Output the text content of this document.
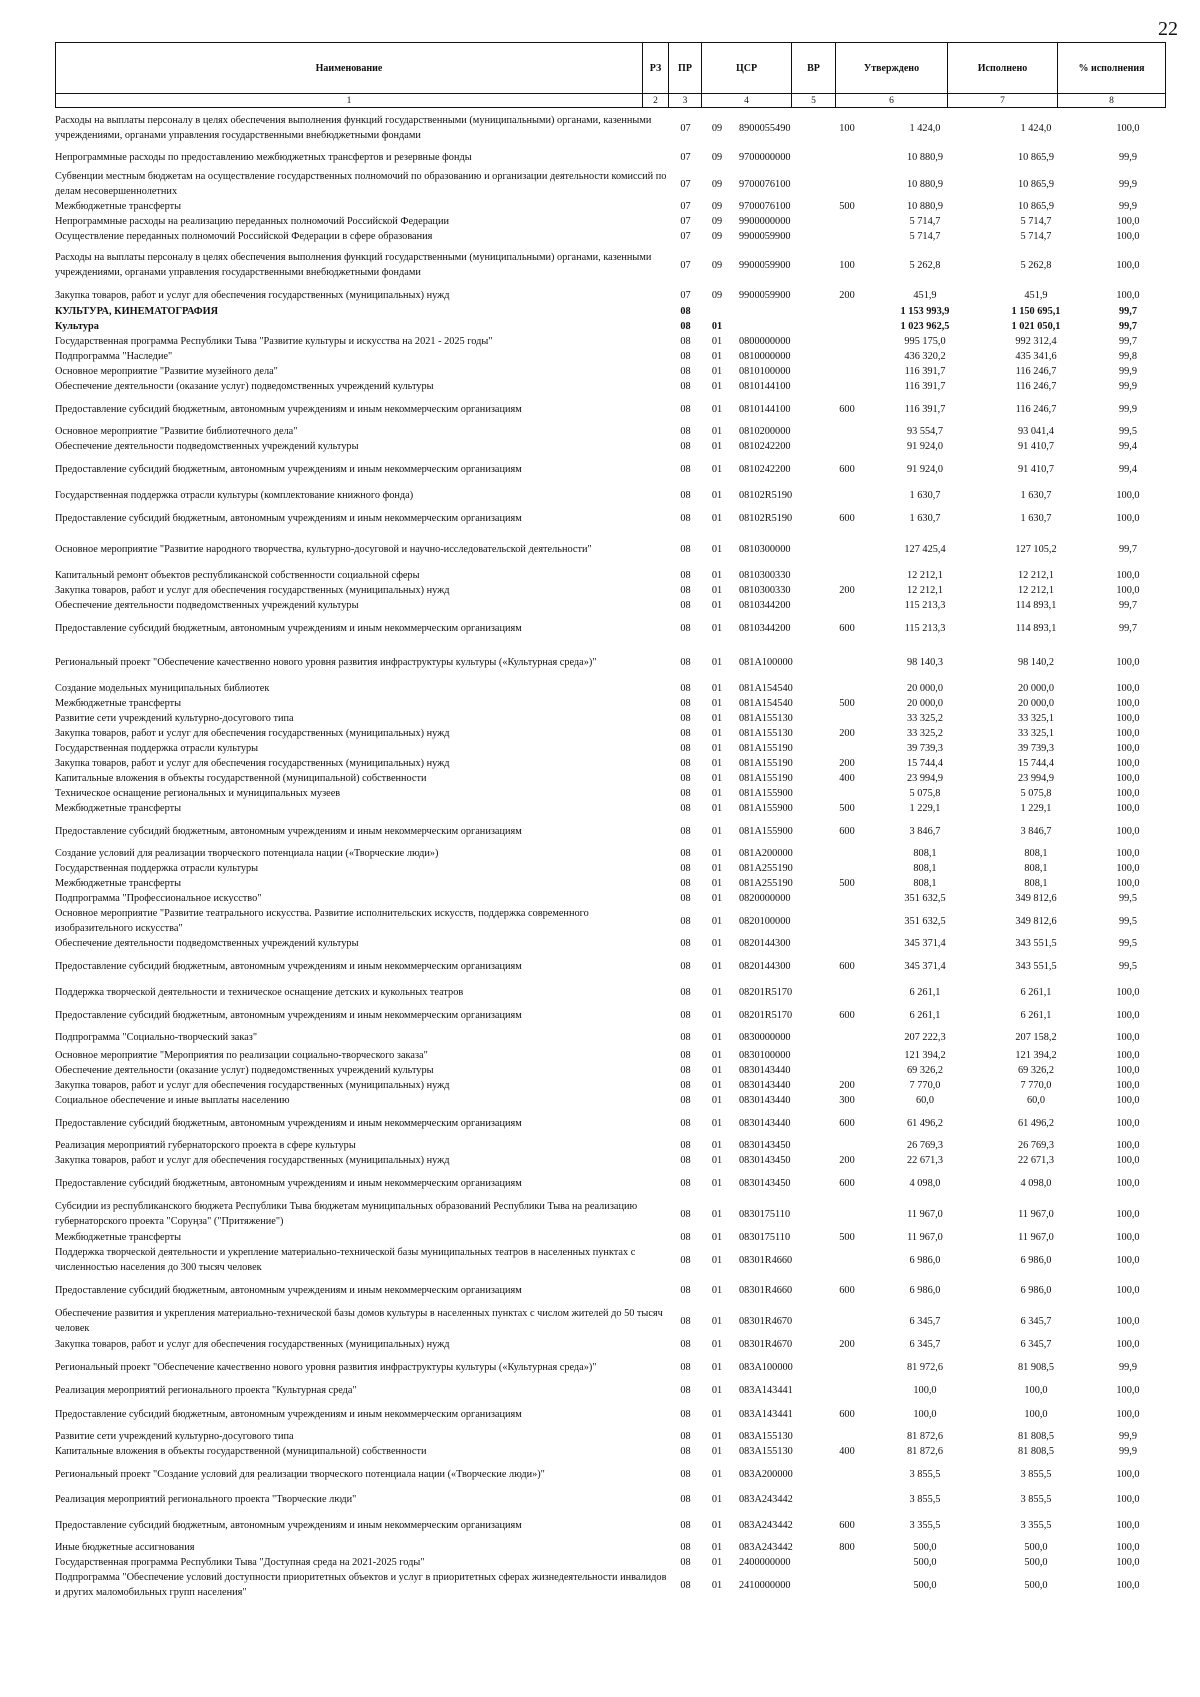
22
Наименование	РЗ	ПР	ЦСР	ВР	Утверждено	Исполнено	% исполнения
1	2	3	4	5	6	7	8
Расходы на выплаты персоналу в целях обеспечения выполнения функций государственными (муниципальными) органами, казенными учреждениями, органами управления государственными внебюджетными фондами	07	09	8900055490	100	1 424,0	1 424,0	100,0
Непрограммные расходы по предоставлению межбюджетных трансфертов и резервные фонды	07	09	9700000000		10 880,9	10 865,9	99,9
Субвенции местным бюджетам на осуществление государственных полномочий по образованию и организации деятельности комиссий по делам несовершеннолетних	07	09	9700076100		10 880,9	10 865,9	99,9
Межбюджетные трансферты	07	09	9700076100	500	10 880,9	10 865,9	99,9
Непрограммные расходы на реализацию переданных полномочий Российской Федерации	07	09	9900000000		5 714,7	5 714,7	100,0
Осуществление переданных полномочий Российской Федерации в сфере образования	07	09	9900059900		5 714,7	5 714,7	100,0
Расходы на выплаты персоналу в целях обеспечения выполнения функций государственными (муниципальными) органами, казенными учреждениями, органами управления государственными внебюджетными фондами	07	09	9900059900	100	5 262,8	5 262,8	100,0
Закупка товаров, работ и услуг для обеспечения государственных (муниципальных) нужд	07	09	9900059900	200	451,9	451,9	100,0
КУЛЬТУРА, КИНЕМАТОГРАФИЯ	08				1 153 993,9	1 150 695,1	99,7
Культура	08	01			1 023 962,5	1 021 050,1	99,7
Государственная программа Республики Тыва "Развитие культуры и искусства на 2021 - 2025 годы"	08	01	0800000000		995 175,0	992 312,4	99,7
Подпрограмма "Наследие"	08	01	0810000000		436 320,2	435 341,6	99,8
Основное мероприятие "Развитие музейного дела"	08	01	0810100000		116 391,7	116 246,7	99,9
Обеспечение деятельности (оказание услуг) подведомственных учреждений культуры	08	01	0810144100		116 391,7	116 246,7	99,9
Предоставление субсидий бюджетным, автономным учреждениям и иным некоммерческим организациям	08	01	0810144100	600	116 391,7	116 246,7	99,9
Основное мероприятие "Развитие библиотечного дела"	08	01	0810200000		93 554,7	93 041,4	99,5
Обеспечение деятельности подведомственных учреждений культуры	08	01	0810242200		91 924,0	91 410,7	99,4
Предоставление субсидий бюджетным, автономным учреждениям и иным некоммерческим организациям	08	01	0810242200	600	91 924,0	91 410,7	99,4
Государственная поддержка отрасли культуры (комплектование книжного фонда)	08	01	08102R5190		1 630,7	1 630,7	100,0
Предоставление субсидий бюджетным, автономным учреждениям и иным некоммерческим организациям	08	01	08102R5190	600	1 630,7	1 630,7	100,0
Основное мероприятие "Развитие народного творчества, культурно-досуговой и научно-исследовательской деятельности"	08	01	0810300000		127 425,4	127 105,2	99,7
Капитальный ремонт объектов республиканской собственности социальной сферы	08	01	0810300330		12 212,1	12 212,1	100,0
Закупка товаров, работ и услуг для обеспечения государственных (муниципальных) нужд	08	01	0810300330	200	12 212,1	12 212,1	100,0
Обеспечение деятельности подведомственных учреждений культуры	08	01	0810344200		115 213,3	114 893,1	99,7
Предоставление субсидий бюджетным, автономным учреждениям и иным некоммерческим организациям	08	01	0810344200	600	115 213,3	114 893,1	99,7
Региональный проект "Обеспечение качественно нового уровня развития инфраструктуры культуры («Культурная среда»)"	08	01	081A100000		98 140,3	98 140,2	100,0
Создание модельных муниципальных библиотек	08	01	081A154540		20 000,0	20 000,0	100,0
Межбюджетные трансферты	08	01	081A154540	500	20 000,0	20 000,0	100,0
Развитие сети учреждений культурно-досугового типа	08	01	081A155130		33 325,2	33 325,1	100,0
Закупка товаров, работ и услуг для обеспечения государственных (муниципальных) нужд	08	01	081A155130	200	33 325,2	33 325,1	100,0
Государственная поддержка отрасли культуры	08	01	081A155190		39 739,3	39 739,3	100,0
Закупка товаров, работ и услуг для обеспечения государственных (муниципальных) нужд	08	01	081A155190	200	15 744,4	15 744,4	100,0
Капитальные вложения в объекты государственной (муниципальной) собственности	08	01	081A155190	400	23 994,9	23 994,9	100,0
Техническое оснащение региональных и муниципальных музеев	08	01	081A155900		5 075,8	5 075,8	100,0
Межбюджетные трансферты	08	01	081A155900	500	1 229,1	1 229,1	100,0
Предоставление субсидий бюджетным, автономным учреждениям и иным некоммерческим организациям	08	01	081A155900	600	3 846,7	3 846,7	100,0
Создание условий для реализации творческого потенциала нации («Творческие люди»)	08	01	081A200000		808,1	808,1	100,0
Государственная поддержка отрасли культуры	08	01	081A255190		808,1	808,1	100,0
Межбюджетные трансферты	08	01	081A255190	500	808,1	808,1	100,0
Подпрограмма "Профессиональное искусство"	08	01	0820000000		351 632,5	349 812,6	99,5
Основное мероприятие "Развитие театрального искусства. Развитие исполнительских искусств, поддержка современного изобразительного искусства"	08	01	0820100000		351 632,5	349 812,6	99,5
Обеспечение деятельности подведомственных учреждений культуры	08	01	0820144300		345 371,4	343 551,5	99,5
Предоставление субсидий бюджетным, автономным учреждениям и иным некоммерческим организациям	08	01	0820144300	600	345 371,4	343 551,5	99,5
Поддержка творческой деятельности и техническое оснащение детских и кукольных театров	08	01	08201R5170		6 261,1	6 261,1	100,0
Предоставление субсидий бюджетным, автономным учреждениям и иным некоммерческим организациям	08	01	08201R5170	600	6 261,1	6 261,1	100,0
Подпрограмма "Социально-творческий заказ"	08	01	0830000000		207 222,3	207 158,2	100,0
Основное мероприятие "Мероприятия по реализации социально-творческого заказа"	08	01	0830100000		121 394,2	121 394,2	100,0
Обеспечение деятельности (оказание услуг) подведомственных учреждений культуры	08	01	0830143440		69 326,2	69 326,2	100,0
Закупка товаров, работ и услуг для обеспечения государственных (муниципальных) нужд	08	01	0830143440	200	7 770,0	7 770,0	100,0
Социальное обеспечение и иные выплаты населению	08	01	0830143440	300	60,0	60,0	100,0
Предоставление субсидий бюджетным, автономным учреждениям и иным некоммерческим организациям	08	01	0830143440	600	61 496,2	61 496,2	100,0
Реализация мероприятий губернаторского проекта в сфере культуры	08	01	0830143450		26 769,3	26 769,3	100,0
Закупка товаров, работ и услуг для обеспечения государственных (муниципальных) нужд	08	01	0830143450	200	22 671,3	22 671,3	100,0
Предоставление субсидий бюджетным, автономным учреждениям и иным некоммерческим организациям	08	01	0830143450	600	4 098,0	4 098,0	100,0
Субсидии из республиканского бюджета Республики Тыва бюджетам муниципальных образований Республики Тыва на реализацию губернаторского проекта "Соруңза" ("Притяжение")	08	01	0830175110		11 967,0	11 967,0	100,0
Межбюджетные трансферты	08	01	0830175110	500	11 967,0	11 967,0	100,0
Поддержка творческой деятельности и укрепление материально-технической базы муниципальных театров в населенных пунктах с численностью населения до 300 тысяч человек	08	01	08301R4660		6 986,0	6 986,0	100,0
Предоставление субсидий бюджетным, автономным учреждениям и иным некоммерческим организациям	08	01	08301R4660	600	6 986,0	6 986,0	100,0
Обеспечение развития и укрепления материально-технической базы домов культуры в населенных пунктах с числом жителей до 50 тысяч человек	08	01	08301R4670		6 345,7	6 345,7	100,0
Закупка товаров, работ и услуг для обеспечения государственных (муниципальных) нужд	08	01	08301R4670	200	6 345,7	6 345,7	100,0
Региональный проект "Обеспечение качественно нового уровня развития инфраструктуры культуры («Культурная среда»)"	08	01	083A100000		81 972,6	81 908,5	99,9
Реализация мероприятий регионального проекта "Культурная среда"	08	01	083A143441		100,0	100,0	100,0
Предоставление субсидий бюджетным, автономным учреждениям и иным некоммерческим организациям	08	01	083A143441	600	100,0	100,0	100,0
Развитие сети учреждений культурно-досугового типа	08	01	083A155130		81 872,6	81 808,5	99,9
Капитальные вложения в объекты государственной (муниципальной) собственности	08	01	083A155130	400	81 872,6	81 808,5	99,9
Региональный проект "Создание условий для реализации творческого потенциала нации («Творческие люди»)"	08	01	083A200000		3 855,5	3 855,5	100,0
Реализация мероприятий регионального проекта "Творческие люди"	08	01	083A243442		3 855,5	3 855,5	100,0
Предоставление субсидий бюджетным, автономным учреждениям и иным некоммерческим организациям	08	01	083A243442	600	3 355,5	3 355,5	100,0
Иные бюджетные ассигнования	08	01	083A243442	800	500,0	500,0	100,0
Государственная программа Республики Тыва "Доступная среда на 2021-2025 годы"	08	01	2400000000		500,0	500,0	100,0
Подпрограмма "Обеспечение условий доступности приоритетных объектов и услуг в приоритетных сферах жизнедеятельности инвалидов и других маломобильных групп населения"	08	01	2410000000		500,0	500,0	100,0
